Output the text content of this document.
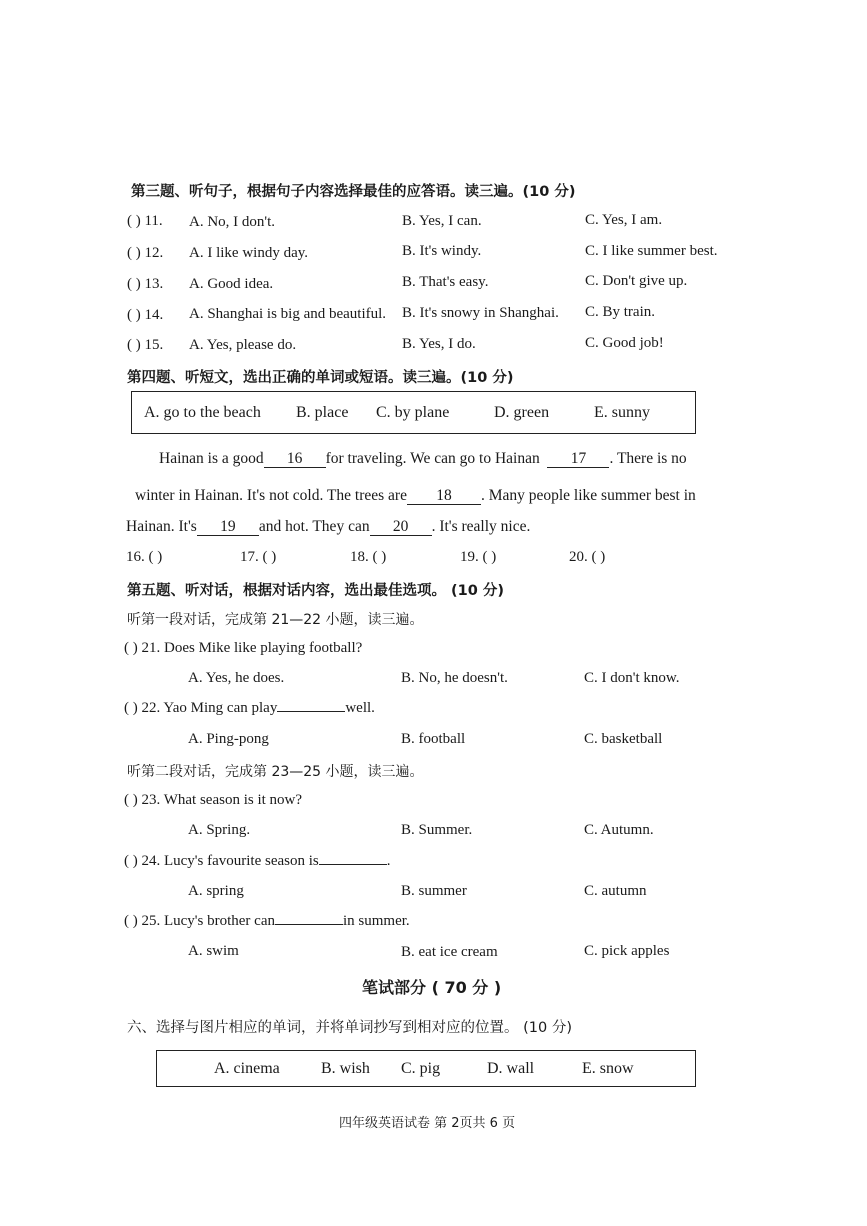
第三题、听句子，根据句子内容选择最佳的应答语。读三遍。(10 分)
( ) 11. A. No, I don't.	B. Yes, I can.	C. Yes, I am.
( ) 12. A. I like windy day.	B. It's windy.	C. I like summer best.
( ) 13. A. Good idea.	B. That's easy.	C. Don't give up.
( ) 14. A. Shanghai is big and beautiful. B. It's snowy in Shanghai. C. By train.
( ) 15. A. Yes, please do.	B. Yes, I do.	C. Good job!
第四题、听短文，选出正确的单词或短语。读三遍。(10 分)
A. go to the beach B. place C. by plane	D. green	E. sunny
Hainan is a good 16 for traveling. We can go to Hainan 17 . There is no
winter in Hainan. It's not cold. The trees are 18 . Many people like summer best in
Hainan. It's 19 and hot. They can 20 . It's really nice.
16. ( )	17. ( )	18. ( )	19. ( )	20. ( )
第五题、听对话，根据对话内容，选出最佳选项。 (10 分)
听第一段对话，完成第 21—22 小题，读三遍。
( ) 21. Does Mike like playing football?
A. Yes, he does.	B. No, he doesn't.	C. I don't know.
( ) 22. Yao Ming can play	well.
A. Ping-pong	B. football	C. basketball
听第二段对话，完成第 23—25 小题，读三遍。
( ) 23. What season is it now?
A. Spring.	B. Summer.	C. Autumn.
( ) 24. Lucy's favourite season is	.
A. spring	B. summer	C. autumn
( ) 25. Lucy's brother can	in summer.
A. swim	B. eat ice cream	C. pick apples
笔试部分 ( 70 分 )
六、选择与图片相应的单词，并将单词抄写到相对应的位置。 (10 分)
A. cinema	B. wish C. pig	D. wall	E. snow
四年级英语试卷 第 2页共 6 页
